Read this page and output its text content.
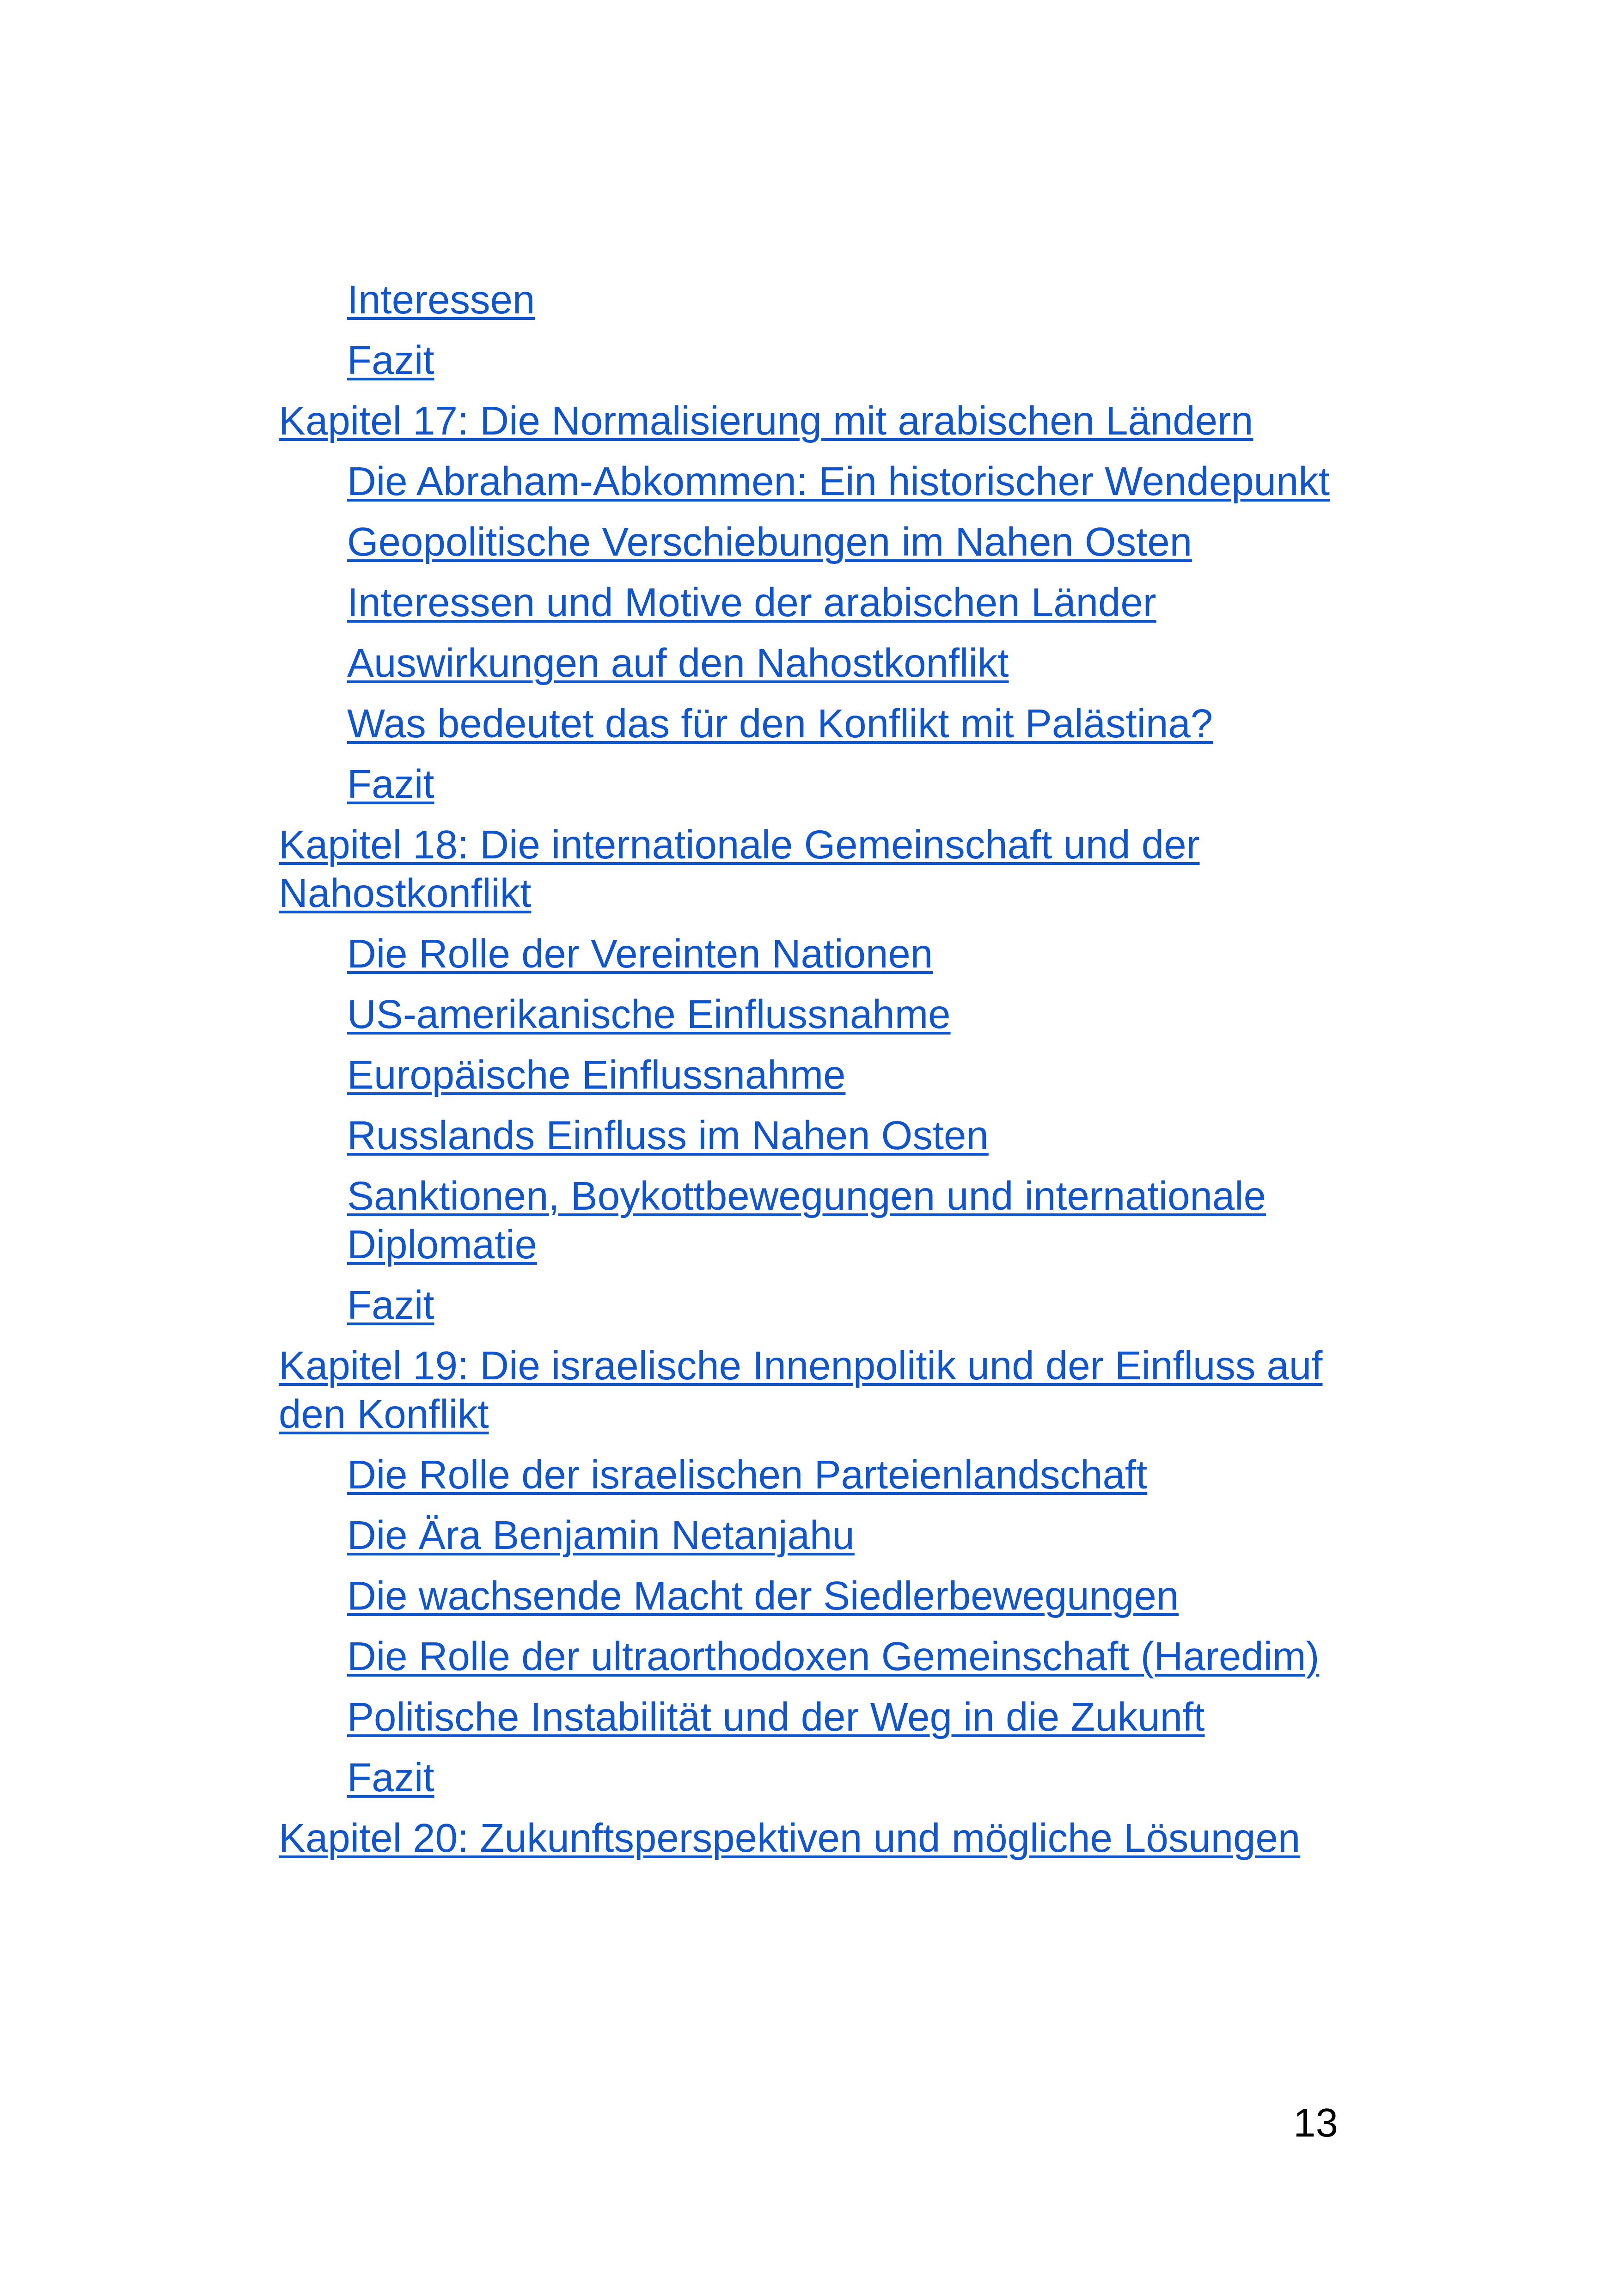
Interessen
Fazit
Kapitel 17: Die Normalisierung mit arabischen Ländern
Die Abraham-Abkommen: Ein historischer Wendepunkt
Geopolitische Verschiebungen im Nahen Osten
Interessen und Motive der arabischen Länder
Auswirkungen auf den Nahostkonflikt
Was bedeutet das für den Konflikt mit Palästina?
Fazit
Kapitel 18: Die internationale Gemeinschaft und der Nahostkonflikt
Die Rolle der Vereinten Nationen
US-amerikanische Einflussnahme
Europäische Einflussnahme
Russlands Einfluss im Nahen Osten
Sanktionen, Boykottbewegungen und internationale Diplomatie
Fazit
Kapitel 19: Die israelische Innenpolitik und der Einfluss auf den Konflikt
Die Rolle der israelischen Parteienlandschaft
Die Ära Benjamin Netanjahu
Die wachsende Macht der Siedlerbewegungen
Die Rolle der ultraorthodoxen Gemeinschaft (Haredim)
Politische Instabilität und der Weg in die Zukunft
Fazit
Kapitel 20: Zukunftsperspektiven und mögliche Lösungen
13
